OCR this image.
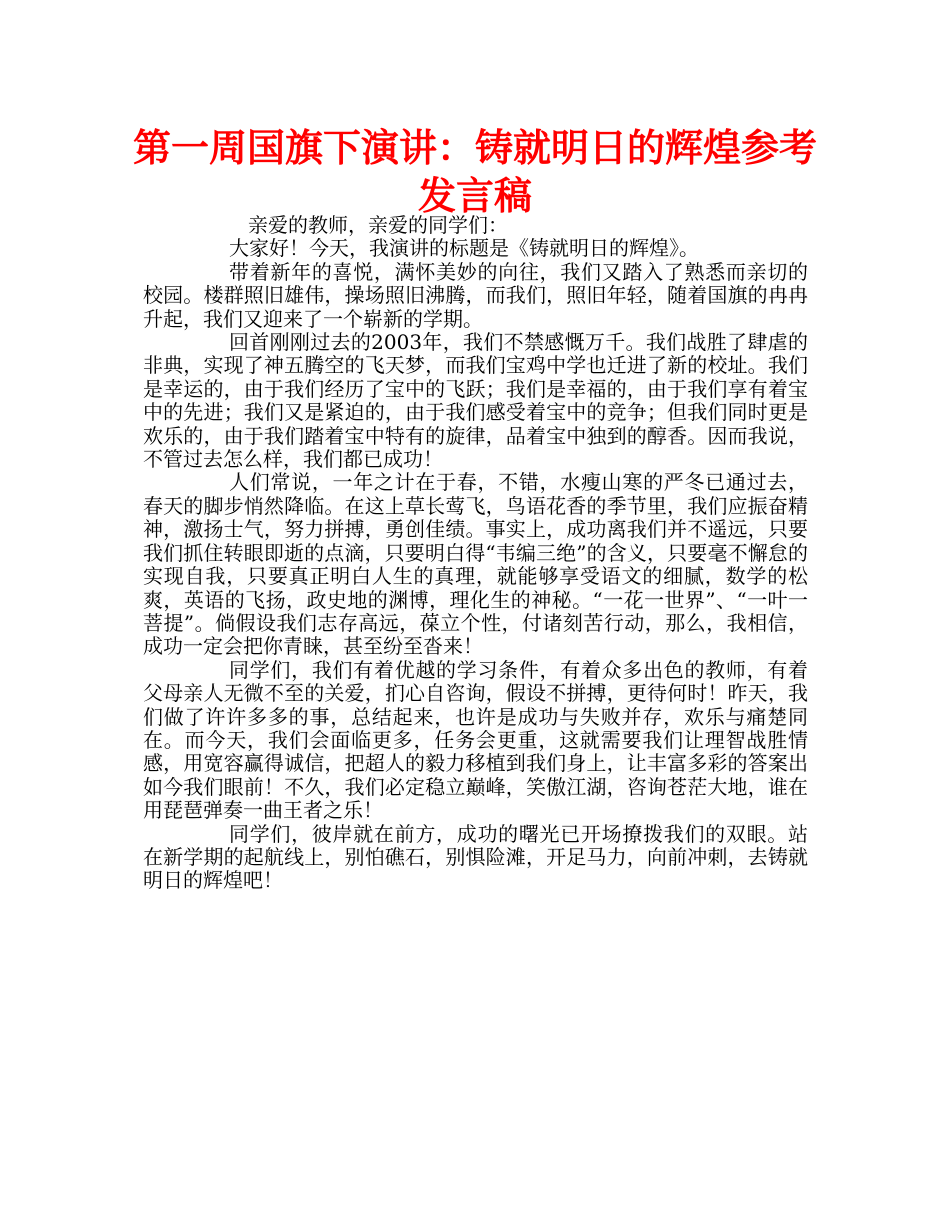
第一周国旗下演讲：铸就明日的辉煌参考发言稿

亲爱的教师，亲爱的同学们：

大家好！今天，我演讲的标题是《铸就明日的辉煌》。

带着新年的喜悦，满怀美妙的向往，我们又踏入了熟悉而亲切的校园。楼群照旧雄伟，操场照旧沸腾，而我们，照旧年轻，随着国旗的冉冉升起，我们又迎来了一个崭新的学期。

回首刚刚过去的2003年，我们不禁感慨万千。我们战胜了肆虐的非典，实现了神五腾空的飞天梦，而我们宝鸡中学也迁进了新的校址。我们是幸运的，由于我们经历了宝中的飞跃；我们是幸福的，由于我们享有着宝中的先进；我们又是紧迫的，由于我们感受着宝中的竞争；但我们同时更是欢乐的，由于我们踏着宝中特有的旋律，品着宝中独到的醇香。因而我说，不管过去怎么样，我们都已成功！

人们常说，一年之计在于春，不错，水瘦山寒的严冬已通过去，春天的脚步悄然降临。在这上草长莺飞，鸟语花香的季节里，我们应振奋精神，激扬士气，努力拼搏，勇创佳绩。事实上，成功离我们并不遥远，只要我们抓住转眼即逝的点滴，只要明白得“韦编三绝”的含义，只要毫不懈怠的实现自我，只要真正明白人生的真理，就能够享受语文的细腻，数学的松爽，英语的飞扬，政史地的渊博，理化生的神秘。“一花一世界”、“一叶一菩提”。倘假设我们志存高远，葆立个性，付诸刻苦行动，那么，我相信，成功一定会把你青睐，甚至纷至沓来！

同学们，我们有着优越的学习条件，有着众多出色的教师，有着父母亲人无微不至的关爱，扪心自咨询，假设不拼搏，更待何时！昨天，我们做了许许多多的事，总结起来，也许是成功与失败并存，欢乐与痛楚同在。而今天，我们会面临更多，任务会更重，这就需要我们让理智战胜情感，用宽容赢得诚信，把超人的毅力移植到我们身上，让丰富多彩的答案出如今我们眼前！不久，我们必定稳立巅峰，笑傲江湖，咨询苍茫大地，谁在用琵琶弹奏一曲王者之乐！

同学们，彼岸就在前方，成功的曙光已开场撩拨我们的双眼。站在新学期的起航线上，别怕礁石，别惧险滩，开足马力，向前冲刺，去铸就明日的辉煌吧！
